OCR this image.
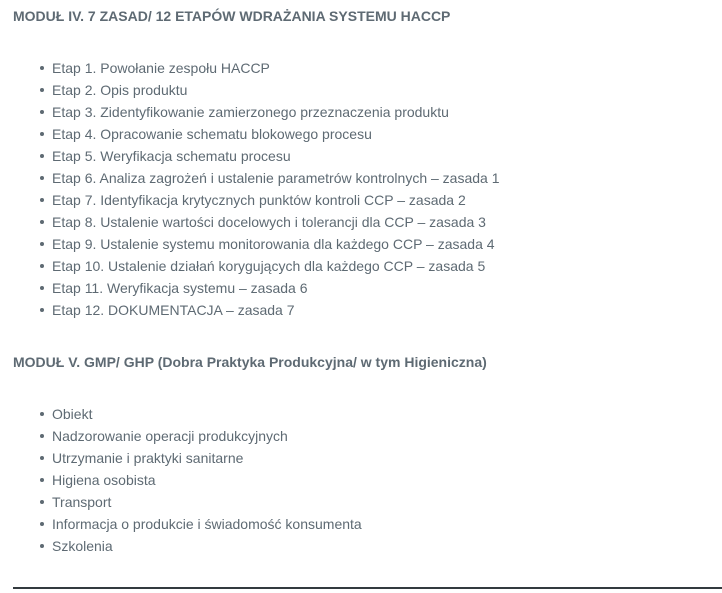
MODUŁ IV. 7 ZASAD/ 12 ETAPÓW WDRAŻANIA SYSTEMU HACCP
Etap 1. Powołanie zespołu HACCP
Etap 2. Opis produktu
Etap 3. Zidentyfikowanie zamierzonego przeznaczenia produktu
Etap 4. Opracowanie schematu blokowego procesu
Etap 5. Weryfikacja schematu procesu
Etap 6. Analiza zagrożeń i ustalenie parametrów kontrolnych – zasada 1
Etap 7. Identyfikacja krytycznych punktów kontroli CCP – zasada 2
Etap 8. Ustalenie wartości docelowych i tolerancji dla CCP – zasada 3
Etap 9. Ustalenie systemu monitorowania dla każdego CCP – zasada 4
Etap 10. Ustalenie działań korygujących dla każdego CCP – zasada 5
Etap 11. Weryfikacja systemu – zasada 6
Etap 12. DOKUMENTACJA – zasada 7
MODUŁ V. GMP/ GHP (Dobra Praktyka Produkcyjna/ w tym Higieniczna)
Obiekt
Nadzorowanie operacji produkcyjnych
Utrzymanie i praktyki sanitarne
Higiena osobista
Transport
Informacja o produkcie i świadomość konsumenta
Szkolenia
